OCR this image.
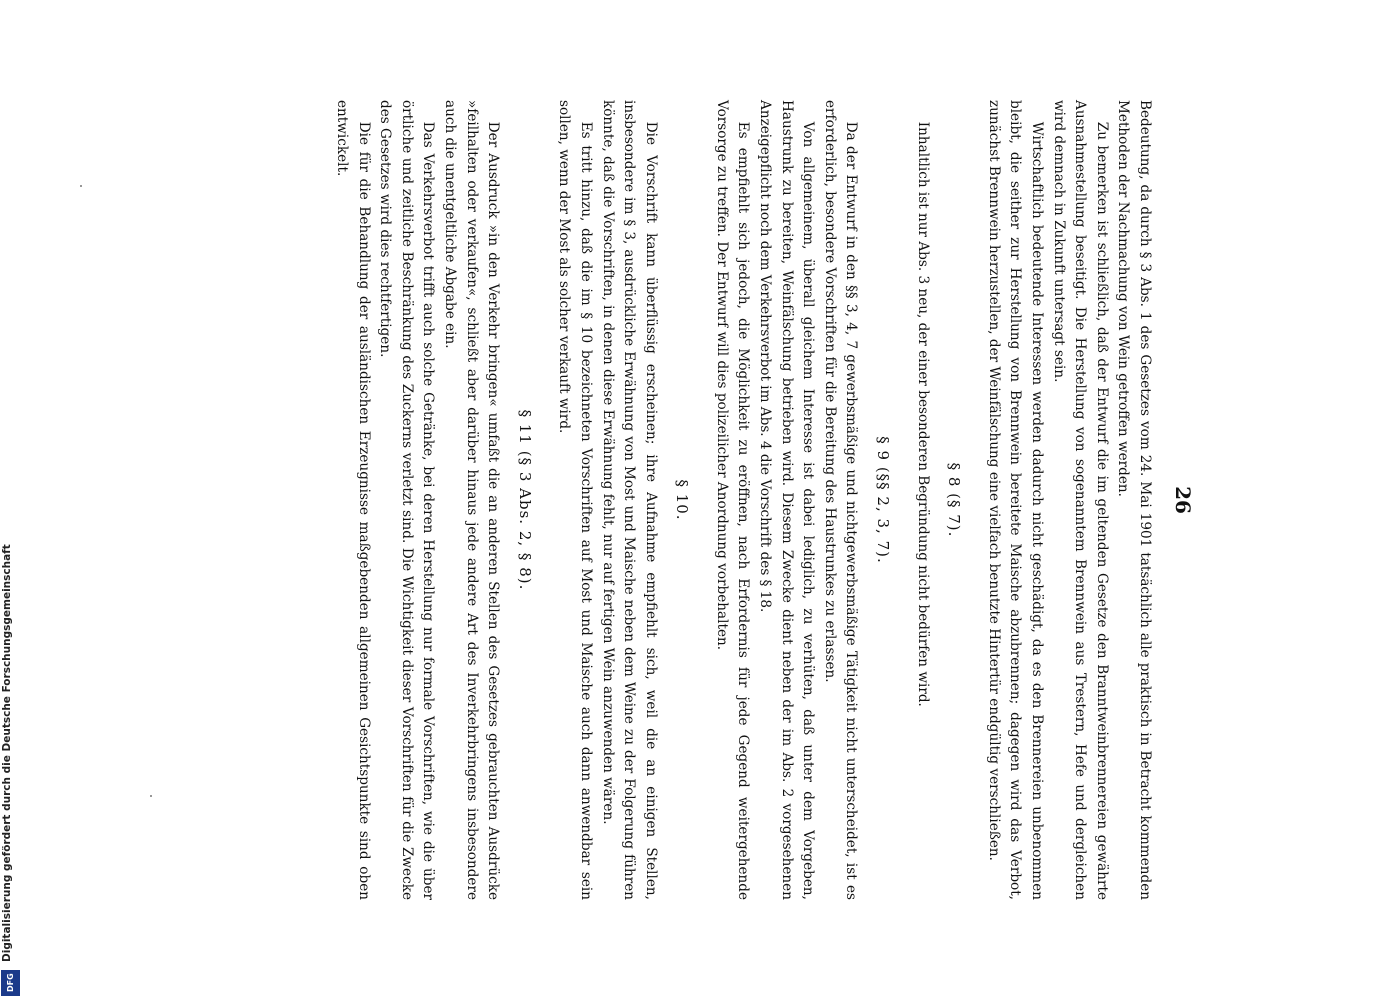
Digitalisierung gefördert durch die Deutsche Forschungsgemeinschaft
DFG
26

Bedeutung, da durch § 3 Abs. 1 des Gesetzes vom 24. Mai 1901 tatsächlich alle praktisch in Betracht kommenden Methoden der Nachmachung von Wein getroffen werden.

Zu bemerken ist schließlich, daß der Entwurf die im geltenden Gesetze den Branntweinbrennereien gewährte Ausnahmestellung beseitigt. Die Herstellung von sogenanntem Brennwein aus Trestern, Hefe und dergleichen wird demnach in Zukunft untersagt sein.

Wirtschaftlich bedeutende Interessen werden dadurch nicht geschädigt, da es den Brennereien unbenommen bleibt, die seither zur Herstellung von Brennwein bereitete Maische abzubrennen; dagegen wird das Verbot, zunächst Brennwein herzustellen, der Weinfälschung eine vielfach benutzte Hintertür endgültig verschließen.

§ 8 (§ 7).

Inhaltlich ist nur Abs. 3 neu, der einer besonderen Begründung nicht bedürfen wird.

§ 9 (§§ 2, 3, 7).

Da der Entwurf in den §§ 3, 4, 7 gewerbsmäßige und nichtgewerbsmäßige Tätigkeit nicht unterscheidet, ist es erforderlich, besondere Vorschriften für die Bereitung des Haustrunkes zu erlassen.

Von allgemeinem, überall gleichem Interesse ist dabei lediglich, zu verhüten, daß unter dem Vorgeben, Haustrunk zu bereiten, Weinfälschung betrieben wird. Diesem Zwecke dient neben der im Abs. 2 vorgesehenen Anzeigepflicht noch dem Verkehrsverbot im Abs. 4 die Vorschrift des § 18.

Es empfiehlt sich jedoch, die Möglichkeit zu eröffnen, nach Erfordernis für jede Gegend weitergehende Vorsorge zu treffen. Der Entwurf will dies polizeilicher Anordnung vorbehalten.

§ 10.

Die Vorschrift kann überflüssig erscheinen; ihre Aufnahme empfiehlt sich, weil die an einigen Stellen, insbesondere im § 3, ausdrückliche Erwähnung von Most und Maische neben dem Weine zu der Folgerung führen könnte, daß die Vorschriften, in denen diese Erwähnung fehlt, nur auf fertigen Wein anzuwenden wären.

Es tritt hinzu, daß die im § 10 bezeichneten Vorschriften auf Most und Maische auch dann anwendbar sein sollen, wenn der Most als solcher verkauft wird.

§ 11 (§ 3 Abs. 2, § 8).

Der Ausdruck »in den Verkehr bringen« umfaßt die an anderen Stellen des Gesetzes gebrauchten Ausdrücke »feilhalten oder verkaufen«, schließt aber darüber hinaus jede andere Art des Inverkehrbringens insbesondere auch die unentgeltliche Abgabe ein.

Das Verkehrsverbot trifft auch solche Getränke, bei deren Herstellung nur formale Vorschriften, wie die über örtliche und zeitliche Beschränkung des Zuckerns verletzt sind. Die Wichtigkeit dieser Vorschriften für die Zwecke des Gesetzes wird dies rechtfertigen.

Die für die Behandlung der ausländischen Erzeugnisse maßgebenden allgemeinen Gesichtspunkte sind oben entwickelt.
